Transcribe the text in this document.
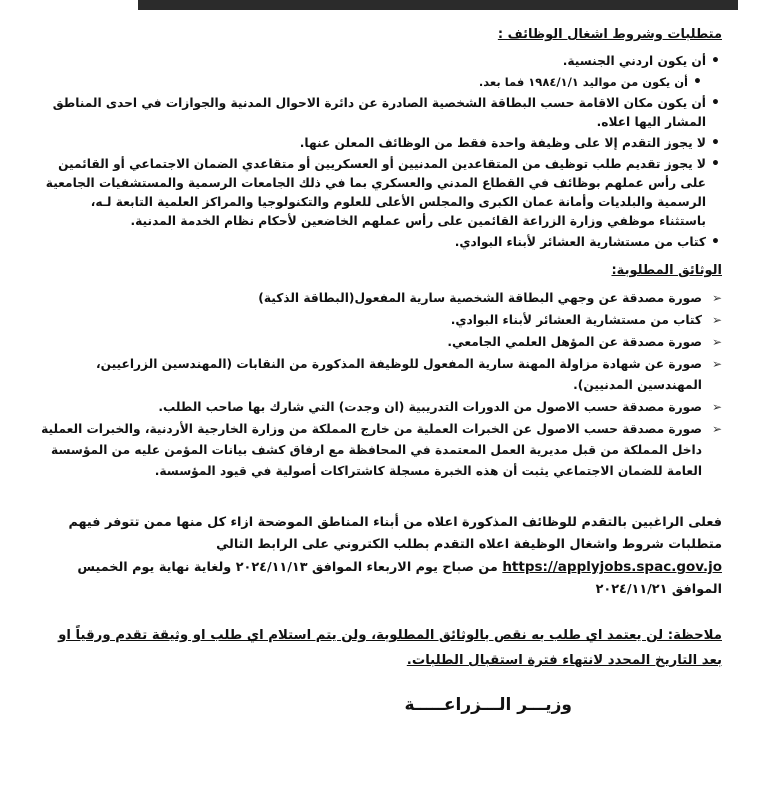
متطلبات وشروط اشغال الوظائف :
• أن يكون اردني الجنسية.
• أن يكون من مواليد ١٩٨٤/١/١ فما بعد.
• أن يكون مكان الاقامة حسب البطاقة الشخصية الصادرة عن دائرة الاحوال المدنية والجوازات في احدى المناطق المشار اليها اعلاه.
• لا يجوز التقدم إلا على وظيفة واحدة فقط من الوظائف المعلن عنها.
• لا يجوز تقديم طلب توظيف من المتقاعدين المدنيين أو العسكريين أو متقاعدي الضمان الاجتماعي أو القائمين على رأس عملهم بوظائف في القطاع المدني والعسكري بما في ذلك الجامعات الرسمية والمستشفيات الجامعية الرسمية والبلديات وأمانة عمان الكبرى والمجلس الأعلى للعلوم والتكنولوجيا والمراكز العلمية التابعة لـه، باستثناء موظفي وزارة الزراعة القائمين على رأس عملهم الخاضعين لأحكام نظام الخدمة المدنية.
• كتاب من مستشارية العشائر لأبناء البوادي.
الوثائق المطلوبة:
➢ صورة مصدقة عن وجهي البطاقة الشخصية سارية المفعول(البطاقة الذكية)
➢ كتاب من مستشارية العشائر لأبناء البوادي.
➢ صورة مصدقة عن المؤهل العلمي الجامعي.
➢ صورة عن شهادة مزاولة المهنة سارية المفعول للوظيفة المذكورة من النقابات (المهندسين الزراعيين، المهندسين المدنيين).
➢ صورة مصدقة حسب الاصول من الدورات التدريبية (ان وجدت) التي شارك بها صاحب الطلب.
➢ صورة مصدقة حسب الاصول عن الخبرات العملية من خارج المملكة من وزارة الخارجية الأردنية، والخبرات العملية داخل المملكة من قبل مديرية العمل المعتمدة في المحافظة مع ارفاق كشف بيانات المؤمن عليه من المؤسسة العامة للضمان الاجتماعي يثبت أن هذه الخبرة مسجلة كاشتراكات أصولية في قيود المؤسسة.
فعلى الراغبين بالتقدم للوظائف المذكورة اعلاه من أبناء المناطق الموضحة ازاء كل منها ممن تتوفر فيهم متطلبات شروط واشغال الوظيفة اعلاه التقدم بطلب الكتروني على الرابط التالي https://applyjobs.spac.gov.jo من صباح يوم الاربعاء الموافق ٢٠٢٤/١١/١٣ ولغاية نهاية يوم الخميس الموافق ٢٠٢٤/١١/٢١
ملاحظة: لن يعتمد اي طلب به نقص بالوثائق المطلوبة، ولن يتم استلام اي طلب او وثيقة تقدم ورقياً او بعد التاريخ المحدد لانتهاء فترة استقبال الطلبات.
وزيـــر الـــزراعـــــة
